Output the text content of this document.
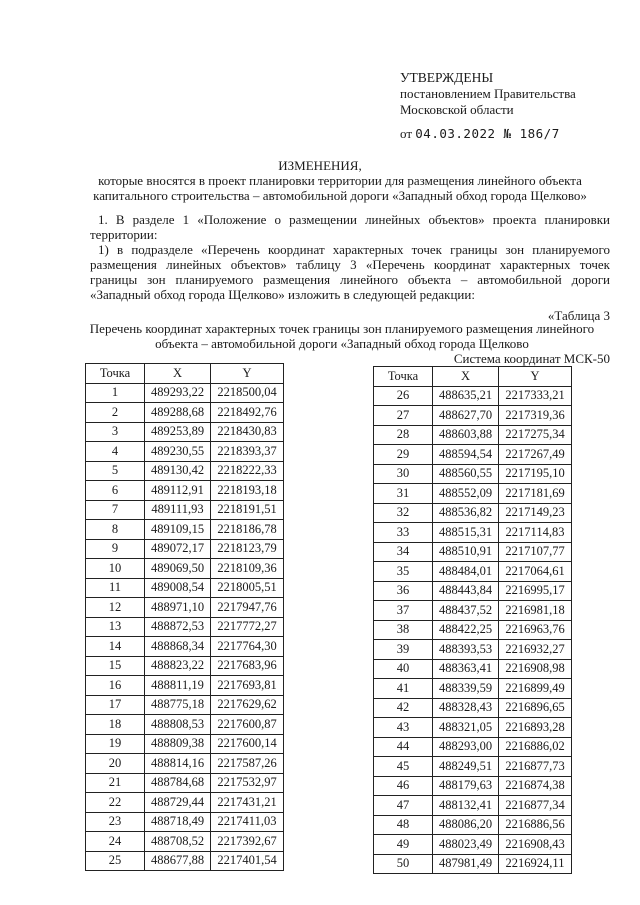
УТВЕРЖДЕНЫ
постановлением Правительства
Московской области
от 04.03.2022 № 186/7
ИЗМЕНЕНИЯ,
которые вносятся в проект планировки территории для размещения линейного объекта капитального строительства – автомобильной дороги «Западный обход города Щелково»
1. В разделе 1 «Положение о размещении линейных объектов» проекта планировки территории:
1) в подразделе «Перечень координат характерных точек границы зон планируемого размещения линейных объектов» таблицу 3 «Перечень координат характерных точек границы зон планируемого размещения линейного объекта – автомобильной дороги «Западный обход города Щелково» изложить в следующей редакции:
«Таблица 3
Перечень координат характерных точек границы зон планируемого размещения линейного объекта – автомобильной дороги «Западный обход города Щелково
Система координат МСК-50
Точка	X	Y
1	489293,22	2218500,04
2	489288,68	2218492,76
3	489253,89	2218430,83
4	489230,55	2218393,37
5	489130,42	2218222,33
6	489112,91	2218193,18
7	489111,93	2218191,51
8	489109,15	2218186,78
9	489072,17	2218123,79
10	489069,50	2218109,36
11	489008,54	2218005,51
12	488971,10	2217947,76
13	488872,53	2217772,27
14	488868,34	2217764,30
15	488823,22	2217683,96
16	488811,19	2217693,81
17	488775,18	2217629,62
18	488808,53	2217600,87
19	488809,38	2217600,14
20	488814,16	2217587,26
21	488784,68	2217532,97
22	488729,44	2217431,21
23	488718,49	2217411,03
24	488708,52	2217392,67
25	488677,88	2217401,54
Точка	X	Y
26	488635,21	2217333,21
27	488627,70	2217319,36
28	488603,88	2217275,34
29	488594,54	2217267,49
30	488560,55	2217195,10
31	488552,09	2217181,69
32	488536,82	2217149,23
33	488515,31	2217114,83
34	488510,91	2217107,77
35	488484,01	2217064,61
36	488443,84	2216995,17
37	488437,52	2216981,18
38	488422,25	2216963,76
39	488393,53	2216932,27
40	488363,41	2216908,98
41	488339,59	2216899,49
42	488328,43	2216896,65
43	488321,05	2216893,28
44	488293,00	2216886,02
45	488249,51	2216877,73
46	488179,63	2216874,38
47	488132,41	2216877,34
48	488086,20	2216886,56
49	488023,49	2216908,43
50	487981,49	2216924,11
